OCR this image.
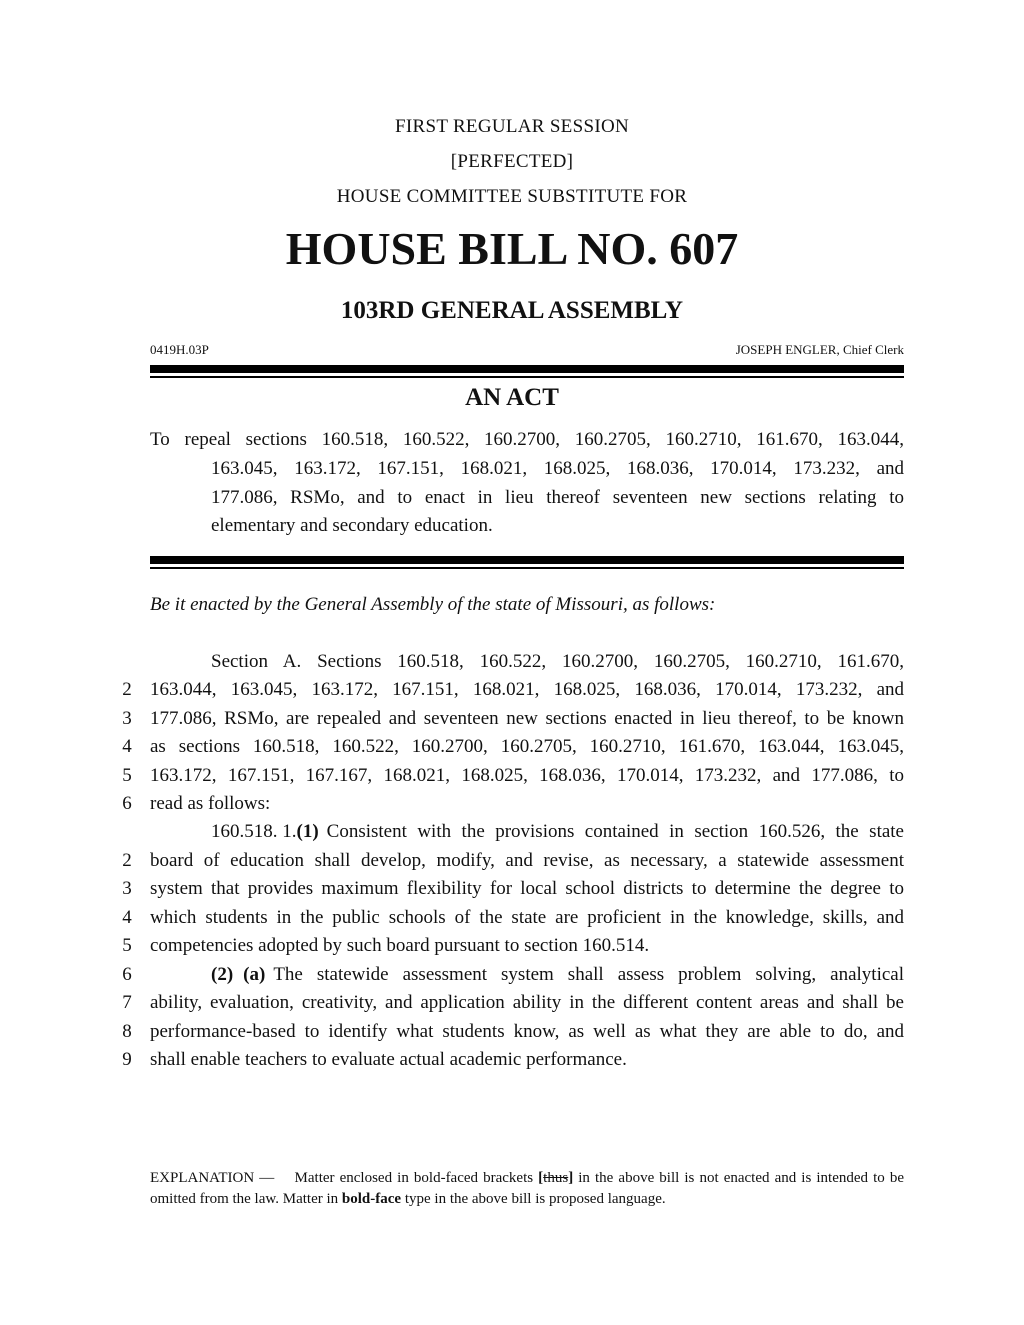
FIRST REGULAR SESSION
[PERFECTED]
HOUSE COMMITTEE SUBSTITUTE FOR
HOUSE BILL NO. 607
103RD GENERAL ASSEMBLY
0419H.03P	JOSEPH ENGLER, Chief Clerk
AN ACT
To repeal sections 160.518, 160.522, 160.2700, 160.2705, 160.2710, 161.670, 163.044,
163.045, 163.172, 167.151, 168.021, 168.025, 168.036, 170.014, 173.232, and
177.086, RSMo, and to enact in lieu thereof seventeen new sections relating to
elementary and secondary education.
Be it enacted by the General Assembly of the state of Missouri, as follows:
Section A. Sections 160.518, 160.522, 160.2700, 160.2705, 160.2710, 161.670,
2 163.044, 163.045, 163.172, 167.151, 168.021, 168.025, 168.036, 170.014, 173.232, and
3 177.086, RSMo, are repealed and seventeen new sections enacted in lieu thereof, to be known
4 as sections 160.518, 160.522, 160.2700, 160.2705, 160.2710, 161.670, 163.044, 163.045,
5 163.172, 167.151, 167.167, 168.021, 168.025, 168.036, 170.014, 173.232, and 177.086, to
6 read as follows:
160.518. 1. (1) Consistent with the provisions contained in section 160.526, the state
2 board of education shall develop, modify, and revise, as necessary, a statewide assessment
3 system that provides maximum flexibility for local school districts to determine the degree to
4 which students in the public schools of the state are proficient in the knowledge, skills, and
5 competencies adopted by such board pursuant to section 160.514.
6	(2) (a) The statewide assessment system shall assess problem solving, analytical
7 ability, evaluation, creativity, and application ability in the different content areas and shall be
8 performance-based to identify what students know, as well as what they are able to do, and
9 shall enable teachers to evaluate actual academic performance.
EXPLANATION — Matter enclosed in bold-faced brackets [thus] in the above bill is not enacted and is intended to be omitted from the law. Matter in bold-face type in the above bill is proposed language.
